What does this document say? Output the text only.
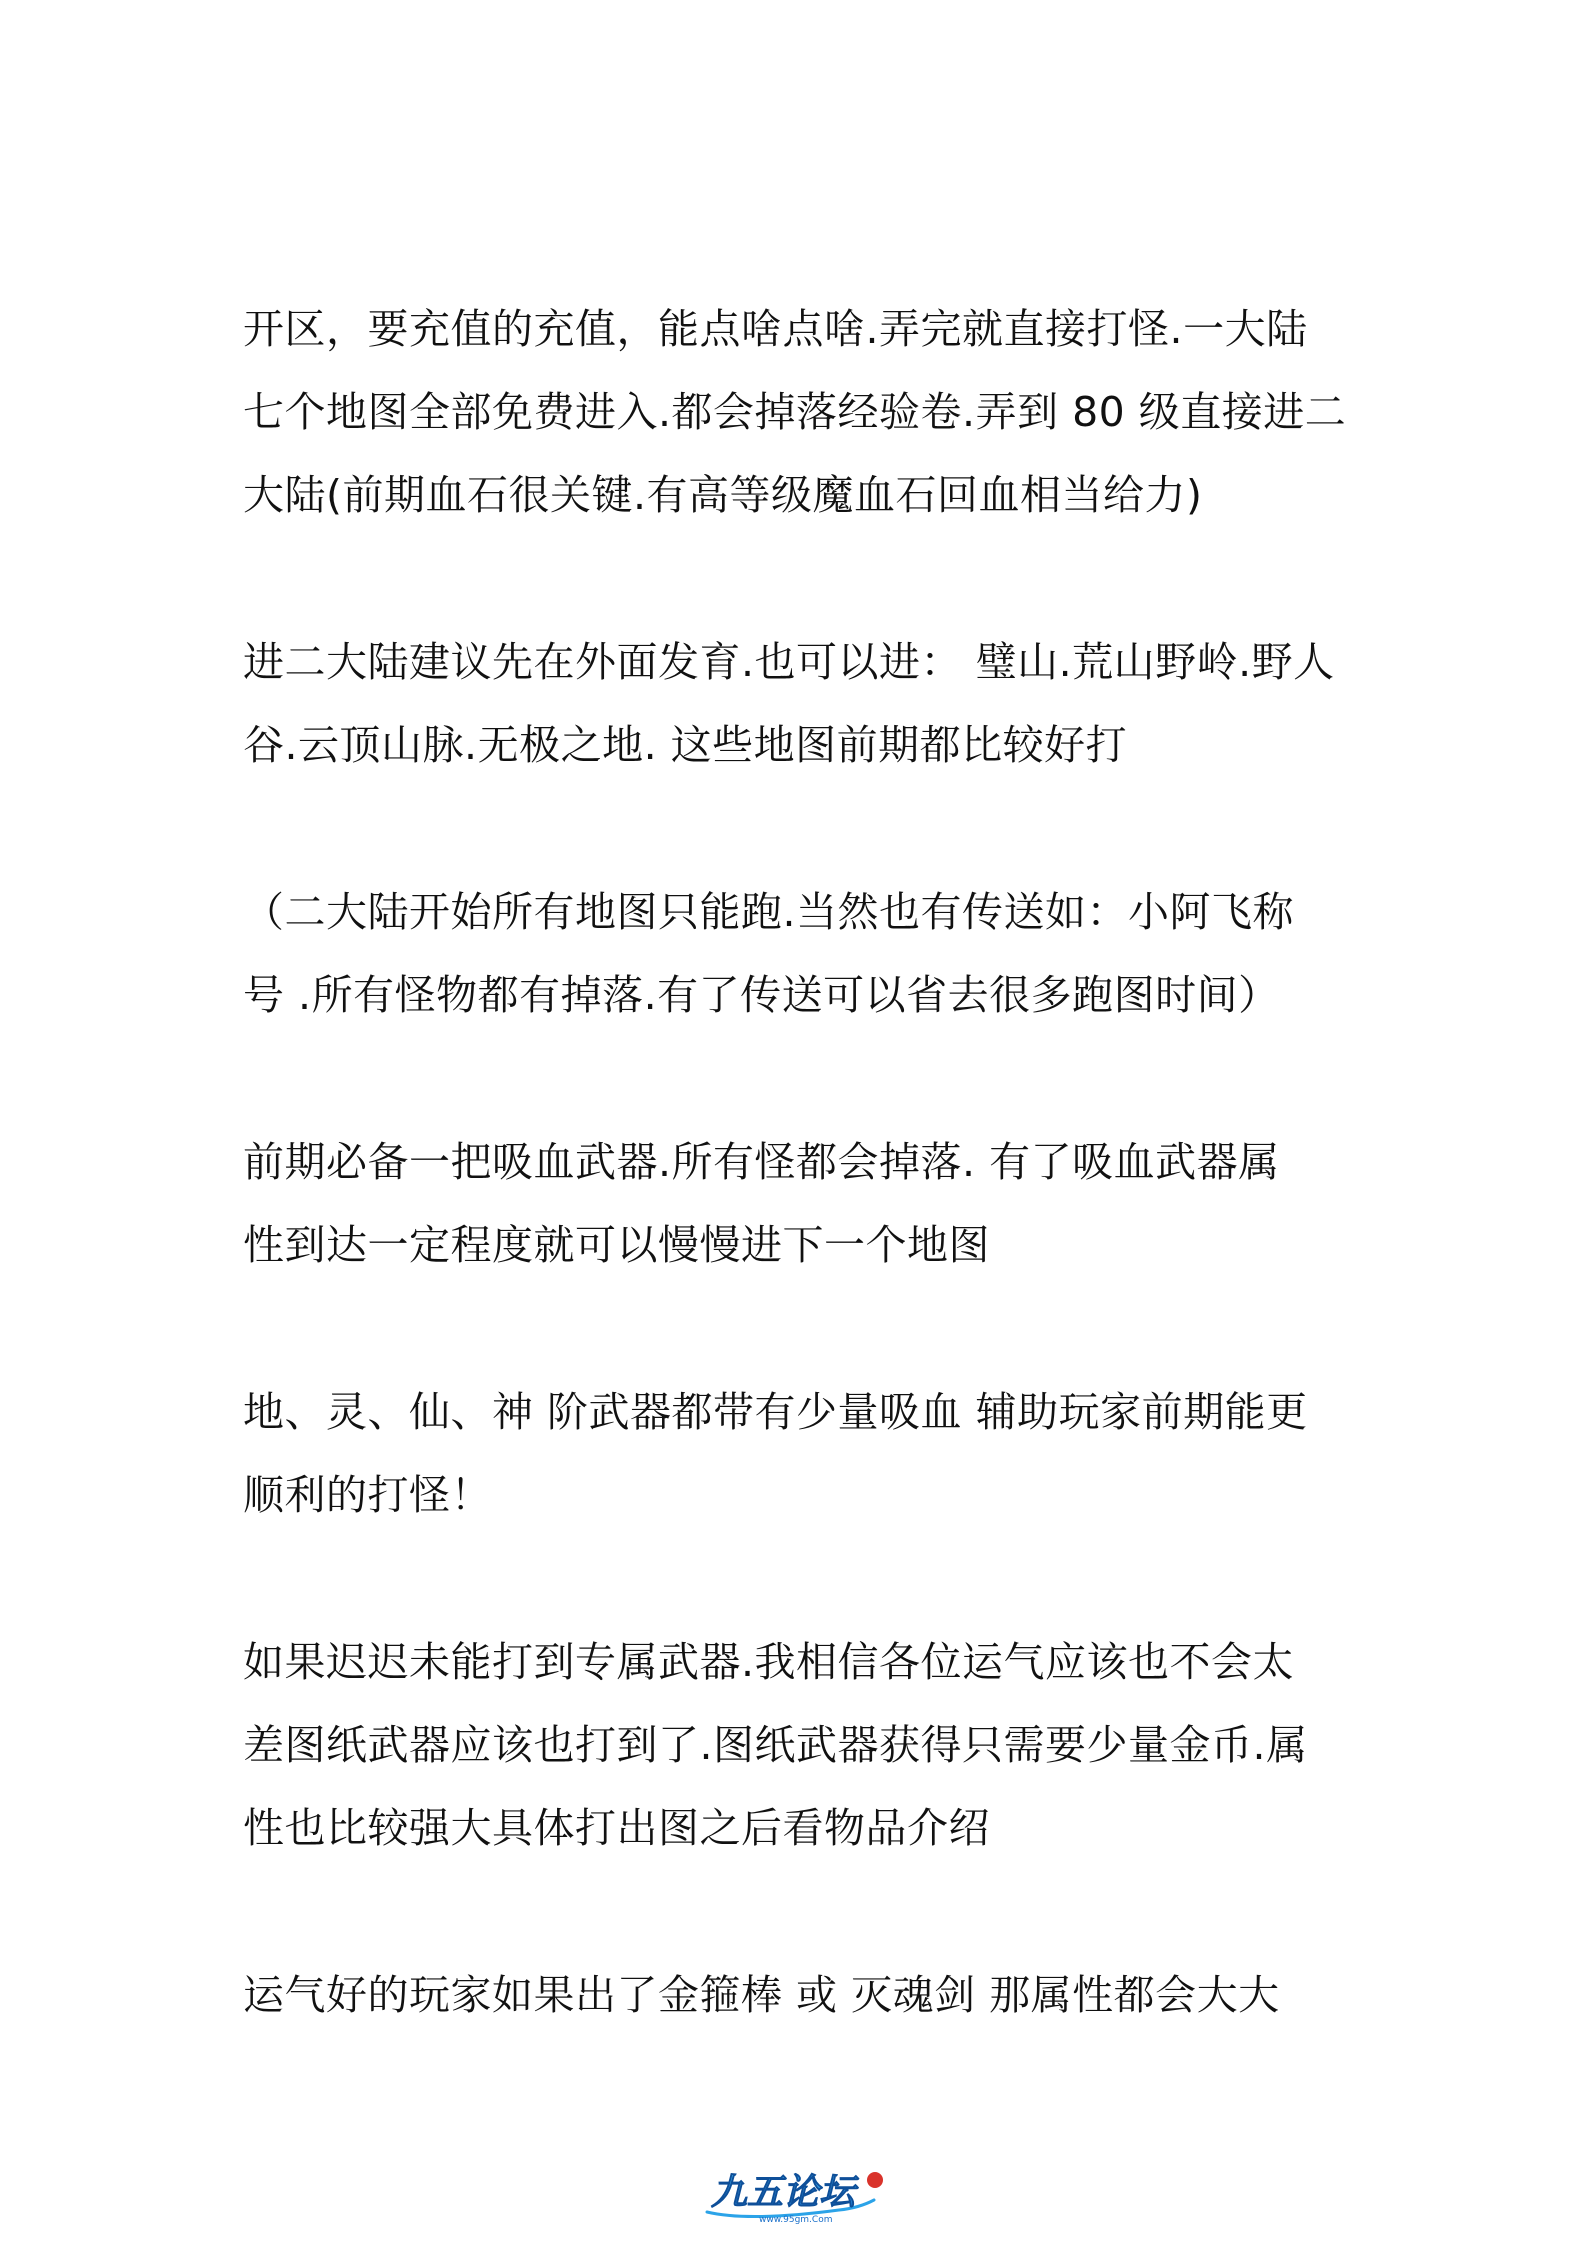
开区，要充值的充值，能点啥点啥.弄完就直接打怪.一大陆
七个地图全部免费进入.都会掉落经验卷.弄到 80 级直接进二
大陆(前期血石很关键.有高等级魔血石回血相当给力)
进二大陆建议先在外面发育.也可以进： 璧山.荒山野岭.野人
谷.云顶山脉.无极之地. 这些地图前期都比较好打
（二大陆开始所有地图只能跑.当然也有传送如：小阿飞称
号 .所有怪物都有掉落.有了传送可以省去很多跑图时间）
前期必备一把吸血武器.所有怪都会掉落. 有了吸血武器属
性到达一定程度就可以慢慢进下一个地图
地、灵、仙、神 阶武器都带有少量吸血 辅助玩家前期能更
顺利的打怪！
如果迟迟未能打到专属武器.我相信各位运气应该也不会太
差图纸武器应该也打到了.图纸武器获得只需要少量金币.属
性也比较强大具体打出图之后看物品介绍
运气好的玩家如果出了金箍棒 或 灭魂剑 那属性都会大大
九五论坛
www.95gm.Com
